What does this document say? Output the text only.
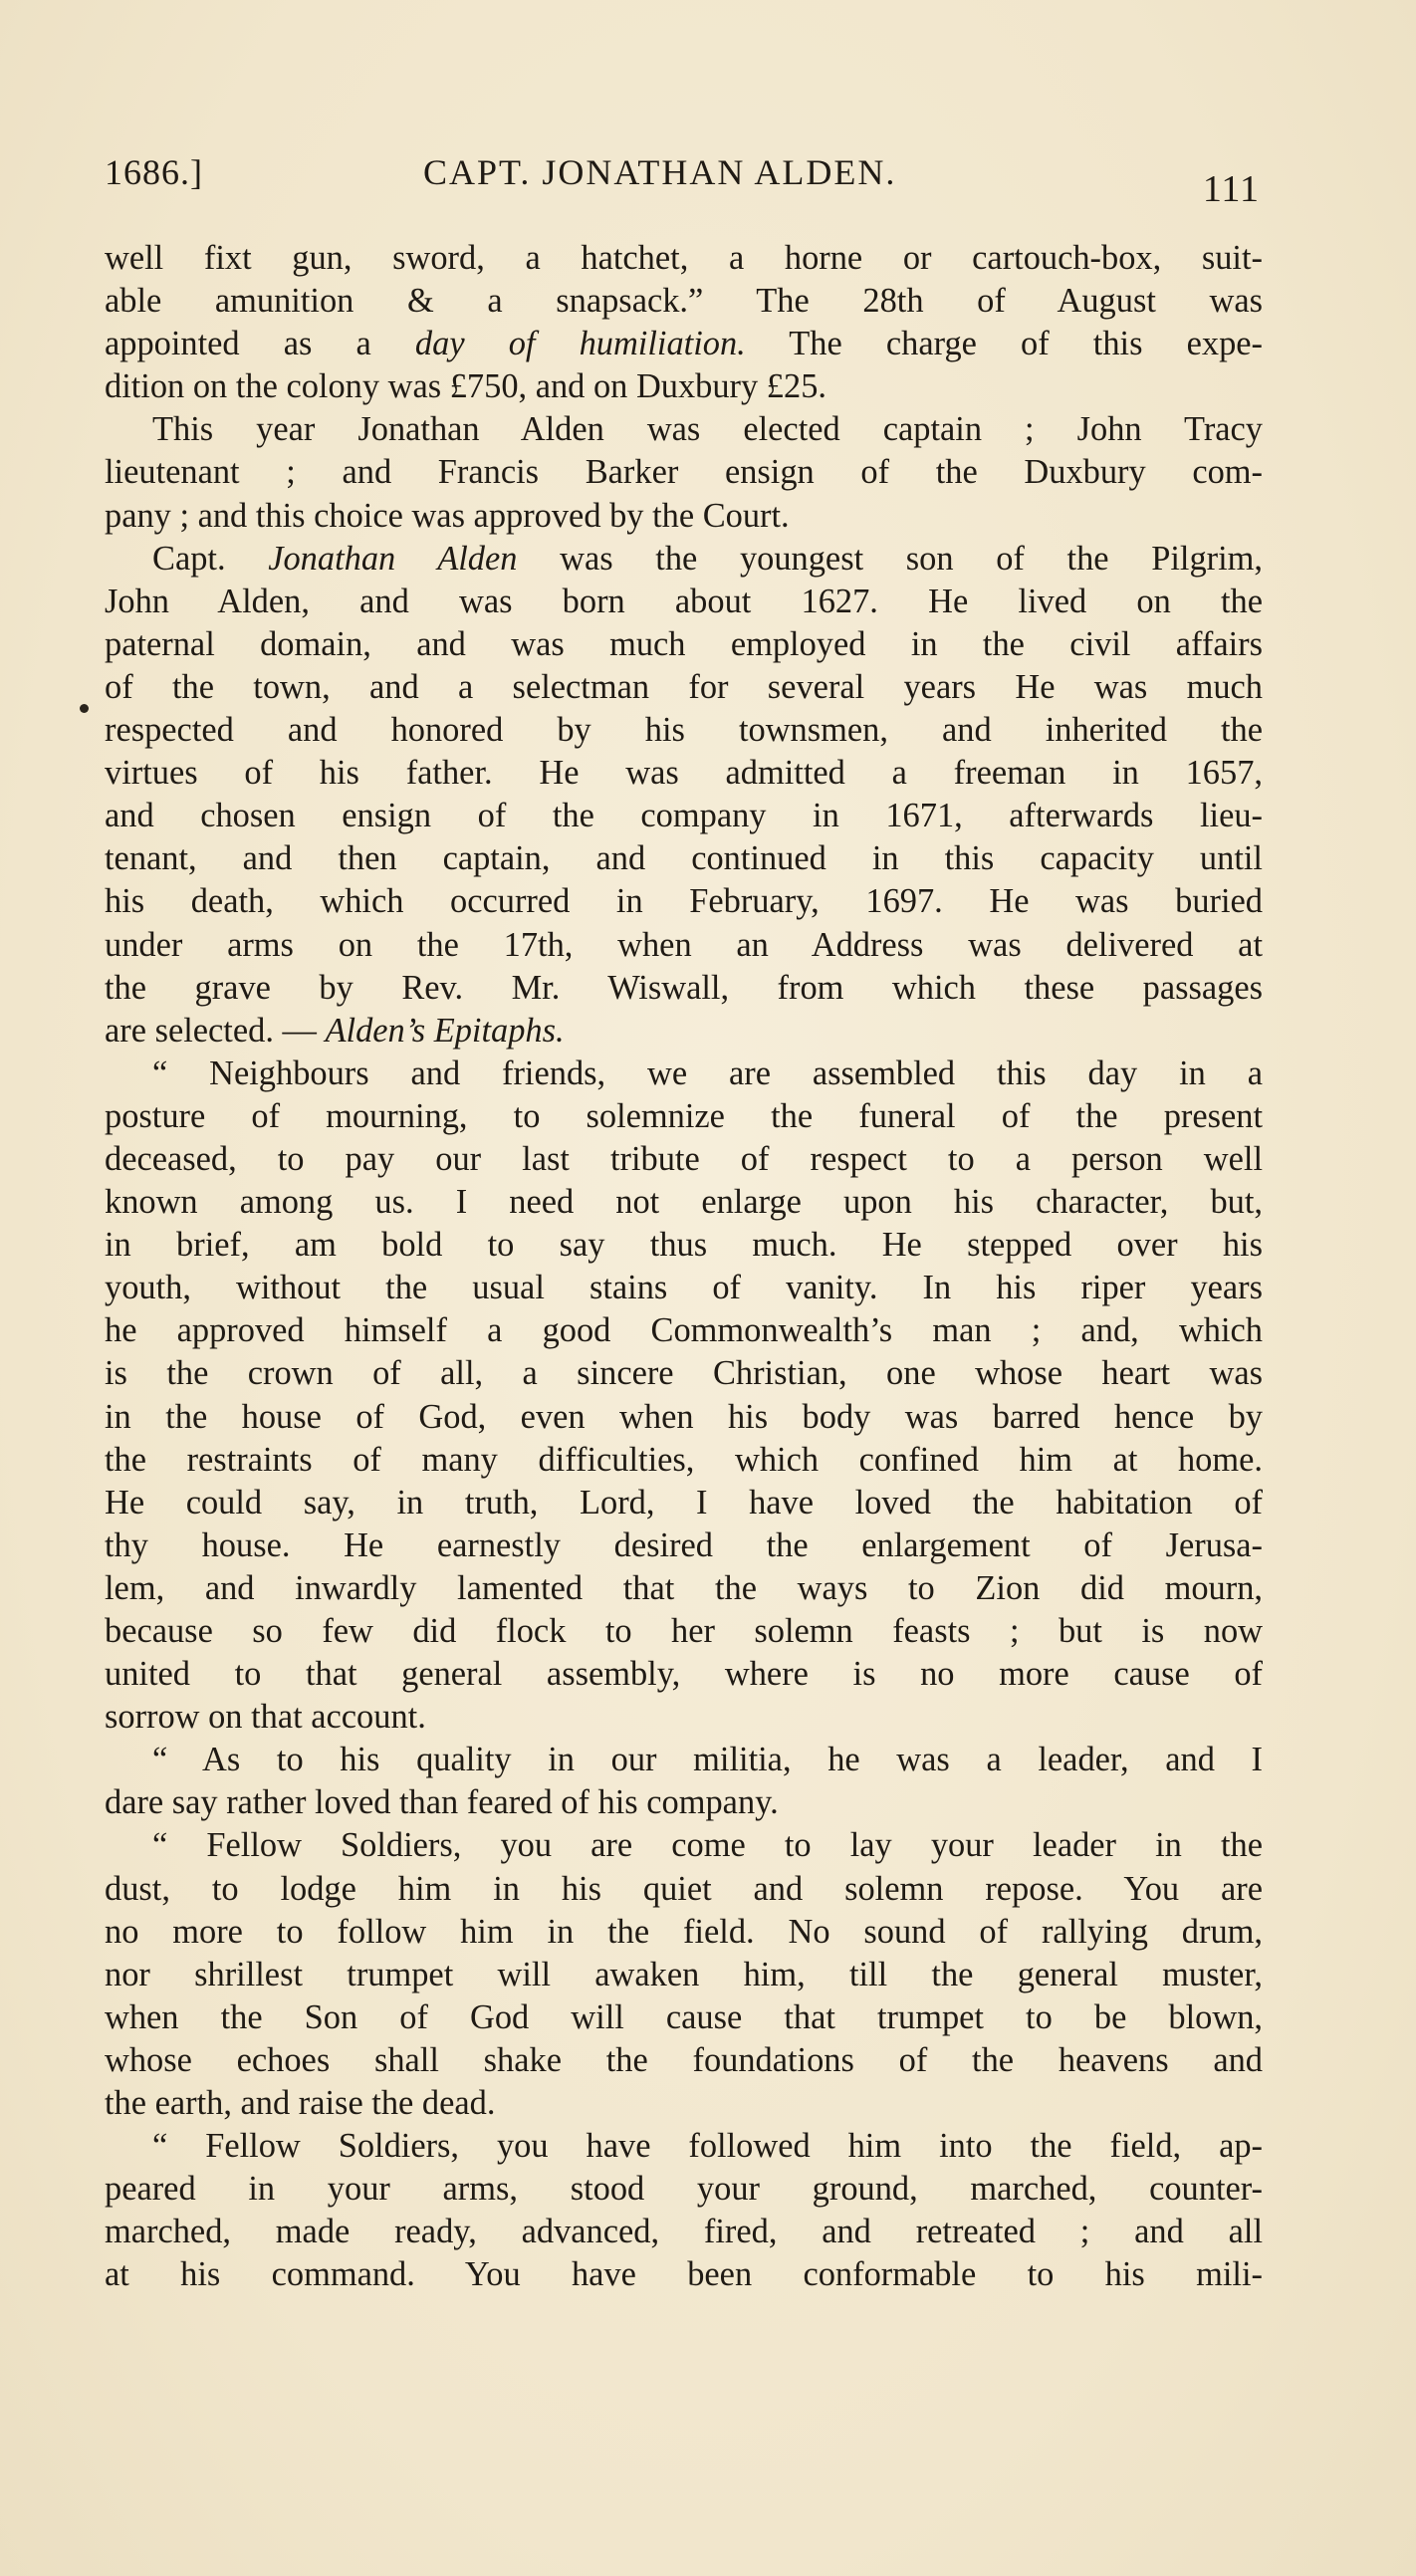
1686.]	CAPT. JONATHAN ALDEN.	111
well fixt gun, sword, a hatchet, a horne or cartouch-box, suit-
able amunition & a snapsack.” The 28th of August was
appointed as a day of humiliation. The charge of this expe-
dition on the colony was £750, and on Duxbury £25.
This year Jonathan Alden was elected captain ; John Tracy
lieutenant ; and Francis Barker ensign of the Duxbury com-
pany ; and this choice was approved by the Court.
Capt. Jonathan Alden was the youngest son of the Pilgrim,
John Alden, and was born about 1627. He lived on the
paternal domain, and was much employed in the civil affairs
of the town, and a selectman for several years He was much
respected and honored by his townsmen, and inherited the
virtues of his father. He was admitted a freeman in 1657,
and chosen ensign of the company in 1671, afterwards lieu-
tenant, and then captain, and continued in this capacity until
his death, which occurred in February, 1697. He was buried
under arms on the 17th, when an Address was delivered at
the grave by Rev. Mr. Wiswall, from which these passages
are selected. — Alden’s Epitaphs.
“ Neighbours and friends, we are assembled this day in a
posture of mourning, to solemnize the funeral of the present
deceased, to pay our last tribute of respect to a person well
known among us. I need not enlarge upon his character, but,
in brief, am bold to say thus much. He stepped over his
youth, without the usual stains of vanity. In his riper years
he approved himself a good Commonwealth’s man ; and, which
is the crown of all, a sincere Christian, one whose heart was
in the house of God, even when his body was barred hence by
the restraints of many difficulties, which confined him at home.
He could say, in truth, Lord, I have loved the habitation of
thy house. He earnestly desired the enlargement of Jerusa-
lem, and inwardly lamented that the ways to Zion did mourn,
because so few did flock to her solemn feasts ; but is now
united to that general assembly, where is no more cause of
sorrow on that account.
“ As to his quality in our militia, he was a leader, and I
dare say rather loved than feared of his company.
“ Fellow Soldiers, you are come to lay your leader in the
dust, to lodge him in his quiet and solemn repose. You are
no more to follow him in the field. No sound of rallying drum,
nor shrillest trumpet will awaken him, till the general muster,
when the Son of God will cause that trumpet to be blown,
whose echoes shall shake the foundations of the heavens and
the earth, and raise the dead.
“ Fellow Soldiers, you have followed him into the field, ap-
peared in your arms, stood your ground, marched, counter-
marched, made ready, advanced, fired, and retreated ; and all
at his command. You have been conformable to his mili-
